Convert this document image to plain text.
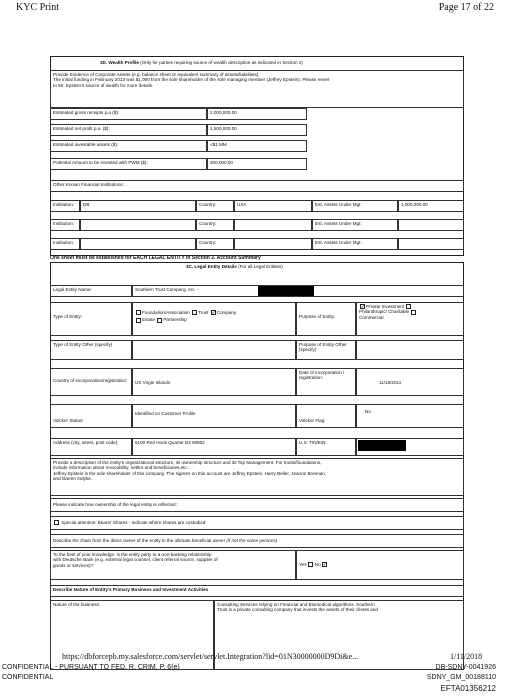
KYC Print	Page 17 of 22
3D. Wealth Profile (Only for parties requiring source of wealth description as indicated in Section 2)
Provide Evidence of Corporate Assets (e.g. balance sheet or equivalent summary of assets/liabilities):
The initial funding in February 2013 was $1,000 from the sole shareholder of the sole managing member (Jeffrey Epstein). Please revert
to Mr. Epstein's source of wealth for more details.
Estimated gross receipts p.a ($):	2,000,000.00
Estimated net profit p.a. ($):	1,500,000.00
Estimated investable assets ($):	<$1 MM
Potential Amount to be invested with PWM ($):	300,000.00
Other Known Financial Institutions:
Institution:	DB	Country:	USA	Est. Assets Under Mgt:	1,000,000.00
Institution:	Country:	Est. Assets Under Mgt:
Institution:	Country:	Est. Assets Under Mgt:
One sheet must be established for EACH LEGAL ENTITY in Section 2. Account Summary
3C. Legal Entity Details (For all Legal Entities)
Legal Entity Name:	Southern Trust Company, Inc. -
Type of Entity:
Foundation/Association Trust ✓ Company
Estate Partnership
Purpose of Entity:
✓Private Investment
Philanthropic/ Charitable
Commercial
Type of Entity Other (specify)	Purpose of Entity Other (specify)
Country of incorporation/registration:	US Virgin Islands
Date of incorporation / registration:
11/18/2011
Volcker Status:
Identified on Customer Profile
Volcker Flag:
No
Address (city, street, post code):	6100 Red Hook Quarter B3 00802	U.S. TIN/EIN:
Provide a description of the entity's organizational structure, its ownership structure and its Top Management. For trusts/foundations,
include information about revocability, settlor and beneficiaries,etc.:
Jeffrey Epstein is the sole shareholder of this company. The signors on this account are Jeffrey Epstein, Harry Beller, Jeanne Brennan,
and Darren Indyke.
Please indicate how ownership of the legal entity is reflected:
Special attention: Bearer Shares - Indicate where shares are custodied:
Describe the chain from the direct owner of the entity to the ultimate beneficial owner (if not the same persons)
To the best of your knowledge, is the entity party to a non-banking relationship
with Deutsche Bank (e.g. external legal counsel, client referral source, supplier of
goods or services)?:	Yes No✓
Describe Nature of Entity's Primary Business and Investment Activities
Nature of the business:	Consulting Services relying on Financial and Biomedical algorithms. Southern
Trust is a private consulting company that invests the assets of their clients and
https://dbforcepb.my.salesforce.com/servlet/servlet.Integration?lid=01N30000000D9Di&e...	1/11/2018
CONFIDENTIAL - PURSUANT TO FED. R. CRIM. P. 6(e)
CONFIDENTIAL
DB-SDNY-0041926
SDNY_GM_00188110
EFTA01356212
